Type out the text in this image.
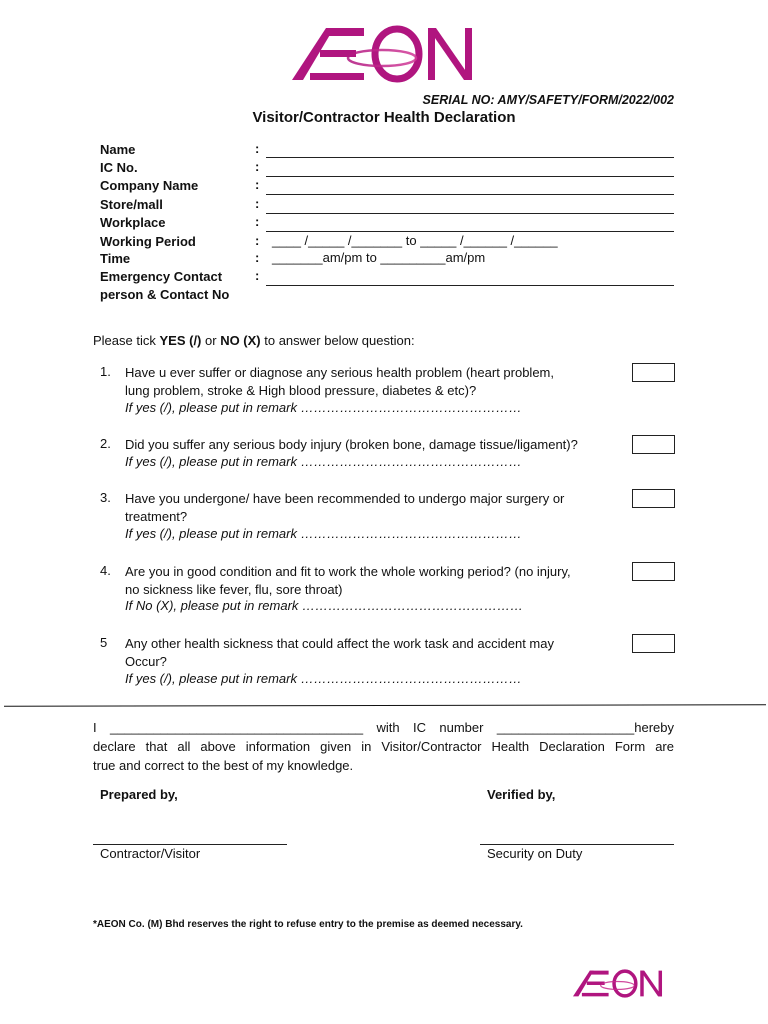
SERIAL NO: AMY/SAFETY/FORM/2022/002
Visitor/Contractor Health Declaration
Name	:
IC No.	:
Company Name	:
Store/mall	:
Workplace	:
Working Period	: ____ /_____ /_______ to _____ /______ /______
Time	: _______am/pm to _________am/pm
Emergency Contact	:
person & Contact No
Please tick YES (/) or NO (X) to answer below question:
1. Have u ever suffer or diagnose any serious health problem (heart problem,
lung problem, stroke & High blood pressure, diabetes & etc)?
If yes (/), please put in remark ……………………………………………
2. Did you suffer any serious body injury (broken bone, damage tissue/ligament)?
If yes (/), please put in remark ……………………………………………
3. Have you undergone/ have been recommended to undergo major surgery or
treatment?
If yes (/), please put in remark ……………………………………………
4. Are you in good condition and fit to work the whole working period? (no injury,
no sickness like fever, flu, sore throat)
If No (X), please put in remark ……………………………………………
5 Any other health sickness that could affect the work task and accident may
Occur?
If yes (/), please put in remark ……………………………………………
I ___________________________________ with IC number ___________________hereby
declare that all above information given in Visitor/Contractor Health Declaration Form are
true and correct to the best of my knowledge.
Prepared by,	Verified by,
Contractor/Visitor	Security on Duty
*AEON Co. (M) Bhd reserves the right to refuse entry to the premise as deemed necessary.
